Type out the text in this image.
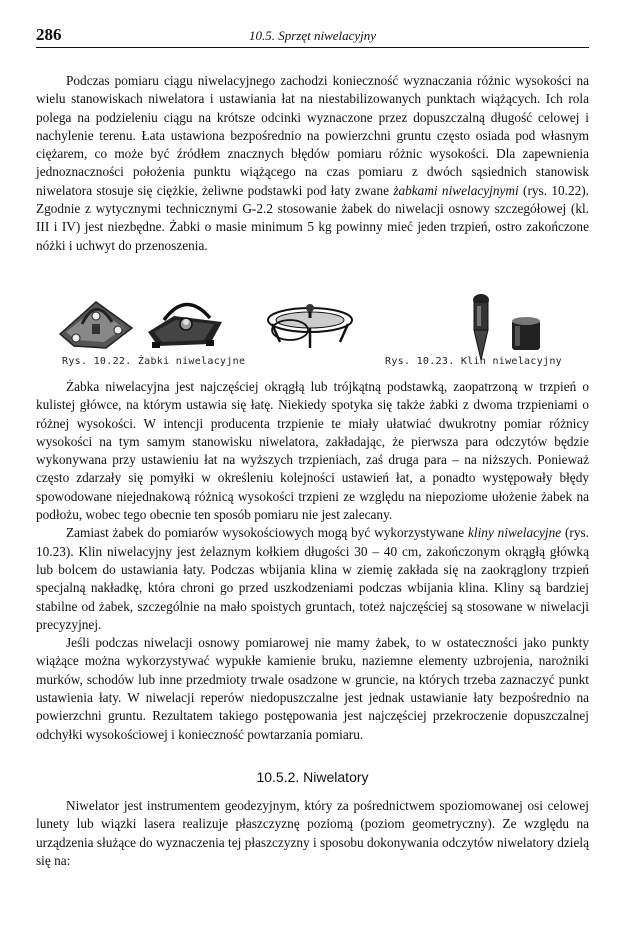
286	10.5. Sprzęt niwelacyjny

Podczas pomiaru ciągu niwelacyjnego zachodzi konieczność wyznaczania różnic wysokości na wielu stanowiskach niwelatora i ustawiania łat na niestabilizowanych punktach wiążących. Ich rola polega na podzieleniu ciągu na krótsze odcinki wyznaczone przez dopuszczalną długość celowej i nachylenie terenu. Łata ustawiona bezpośrednio na powierzchni gruntu często osiada pod własnym ciężarem, co może być źródłem znacznych błędów pomiaru różnic wysokości. Dla zapewnienia jednoznaczności położenia punktu wiążącego na czas pomiaru z dwóch sąsiednich stanowisk niwelatora stosuje się ciężkie, żeliwne podstawki pod łaty zwane żabkami niwelacyjnymi (rys. 10.22). Zgodnie z wytycznymi technicznymi G-2.2 stosowanie żabek do niwelacji osnowy szczegółowej (kl. III i IV) jest niezbędne. Żabki o masie minimum 5 kg powinny mieć jeden trzpień, ostro zakończone nóżki i uchwyt do przenoszenia.

Rys. 10.22. Żabki niwelacyjne	Rys. 10.23. Klin niwelacyjny

Żabka niwelacyjna jest najczęściej okrągłą lub trójkątną podstawką, zaopatrzoną w trzpień o kulistej główce, na którym ustawia się łatę. Niekiedy spotyka się także żabki z dwoma trzpieniami o różnej wysokości. W intencji producenta trzpienie te miały ułatwiać dwukrotny pomiar różnicy wysokości na tym samym stanowisku niwelatora, zakładając, że pierwsza para odczytów będzie wykonywana przy ustawieniu łat na wyższych trzpieniach, zaś druga para – na niższych. Ponieważ często zdarzały się pomyłki w określeniu kolejności ustawień łat, a ponadto występowały błędy spowodowane niejednakową różnicą wysokości trzpieni ze względu na niepoziome ułożenie żabek na podłożu, wobec tego obecnie ten sposób pomiaru nie jest zalecany.

Zamiast żabek do pomiarów wysokościowych mogą być wykorzystywane kliny niwelacyjne (rys. 10.23). Klin niwelacyjny jest żelaznym kołkiem długości 30 – 40 cm, zakończonym okrągłą główką lub bolcem do ustawiania łaty. Podczas wbijania klina w ziemię zakłada się na zaokrąglony trzpień specjalną nakładkę, która chroni go przed uszkodzeniami podczas wbijania klina. Kliny są bardziej stabilne od żabek, szczególnie na mało spoistych gruntach, toteż najczęściej są stosowane w niwelacji precyzyjnej.

Jeśli podczas niwelacji osnowy pomiarowej nie mamy żabek, to w ostateczności jako punkty wiążące można wykorzystywać wypukłe kamienie bruku, naziemne elementy uzbrojenia, narożniki murków, schodów lub inne przedmioty trwale osadzone w gruncie, na których trzeba zaznaczyć punkt ustawienia łaty. W niwelacji reperów niedopuszczalne jest jednak ustawianie łaty bezpośrednio na powierzchni gruntu. Rezultatem takiego postępowania jest najczęściej przekroczenie dopuszczalnej odchyłki wysokościowej i konieczność powtarzania pomiaru.

10.5.2. Niwelatory

Niwelator jest instrumentem geodezyjnym, który za pośrednictwem spoziomowanej osi celowej lunety lub wiązki lasera realizuje płaszczyznę poziomą (poziom geometryczny). Ze względu na urządzenia służące do wyznaczenia tej płaszczyzny i sposobu dokonywania odczytów niwelatory dzielą się na:
